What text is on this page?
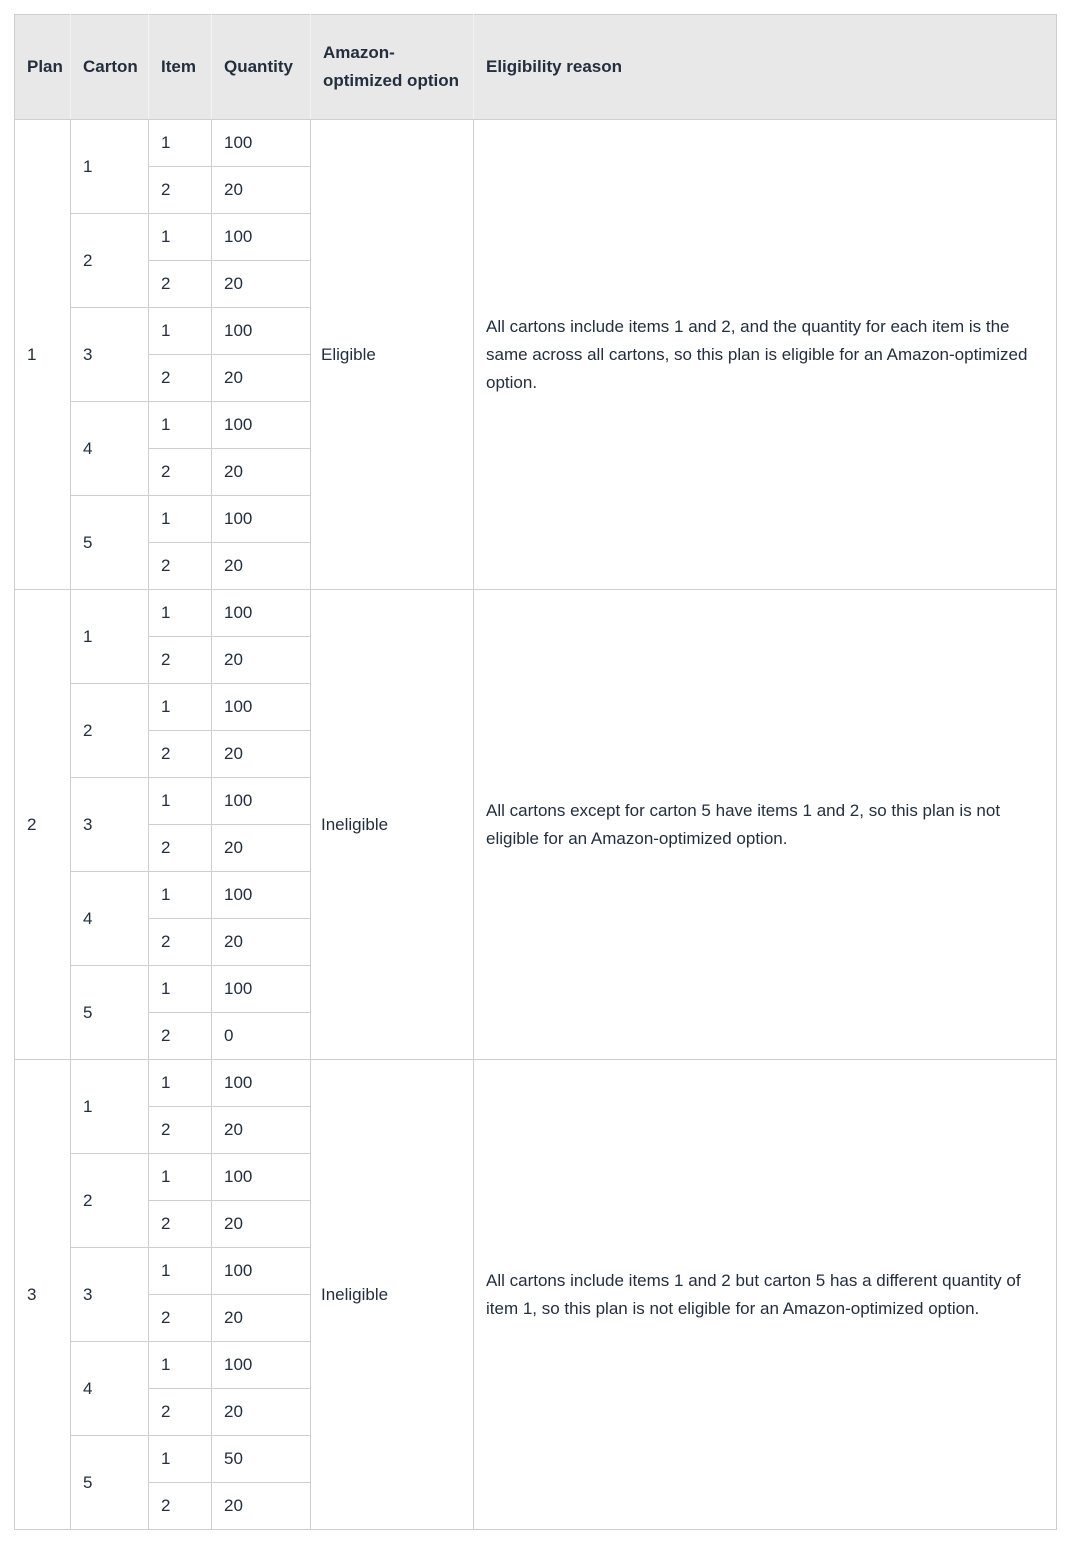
Plan	Carton	Item	Quantity	Amazon-optimized option	Eligibility reason
1	1	1	100	Eligible	All cartons include items 1 and 2, and the quantity for each item is the same across all cartons, so this plan is eligible for an Amazon-optimized option.
		2	20		
	2	1	100		
		2	20		
	3	1	100		
		2	20		
	4	1	100		
		2	20		
	5	1	100		
		2	20		
2	1	1	100	Ineligible	All cartons except for carton 5 have items 1 and 2, so this plan is not eligible for an Amazon-optimized option.
		2	20		
	2	1	100		
		2	20		
	3	1	100		
		2	20		
	4	1	100		
		2	20		
	5	1	100		
		2	0		
3	1	1	100	Ineligible	All cartons include items 1 and 2 but carton 5 has a different quantity of item 1, so this plan is not eligible for an Amazon-optimized option.
		2	20		
	2	1	100		
		2	20		
	3	1	100		
		2	20		
	4	1	100		
		2	20		
	5	1	50		
		2	20		
